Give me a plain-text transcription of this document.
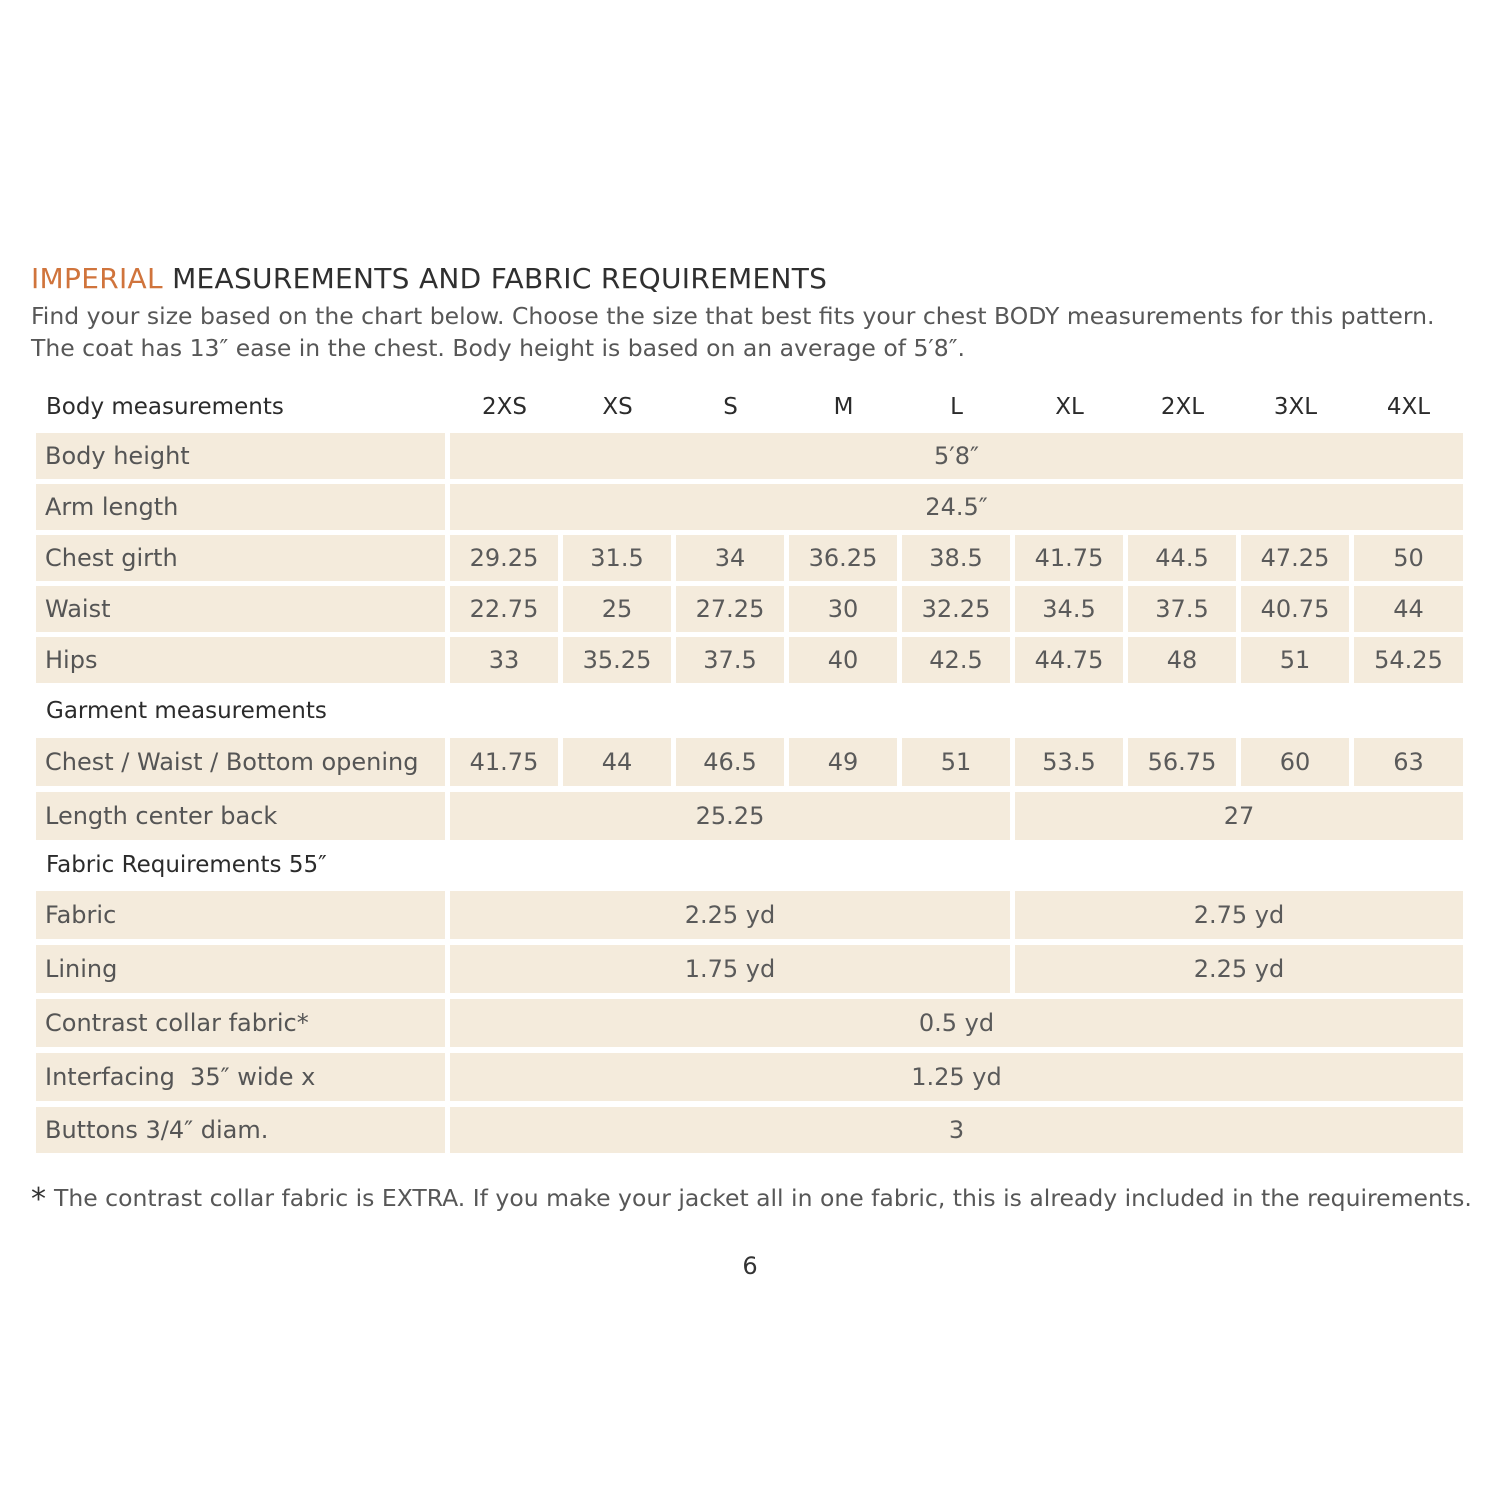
IMPERIAL MEASUREMENTS AND FABRIC REQUIREMENTS

Find your size based on the chart below. Choose the size that best fits your chest BODY measurements for this pattern.

The coat has 13″ ease in the chest. Body height is based on an average of 5′8″.

Body measurements	2XS	XS	S	M	L	XL	2XL	3XL	4XL
Body height	5′8″
Arm length	24.5″
Chest girth	29.25	31.5	34	36.25	38.5	41.75	44.5	47.25	50
Waist	22.75	25	27.25	30	32.25	34.5	37.5	40.75	44
Hips	33	35.25	37.5	40	42.5	44.75	48	51	54.25
Garment measurements
Chest / Waist / Bottom opening	41.75	44	46.5	49	51	53.5	56.75	60	63
Length center back	25.25	27
Fabric Requirements 55″
Fabric	2.25 yd	2.75 yd
Lining	1.75 yd	2.25 yd
Contrast collar fabric*	0.5 yd
Interfacing  35″ wide x	1.25 yd
Buttons 3/4″ diam.	3
* The contrast collar fabric is EXTRA. If you make your jacket all in one fabric, this is already included in the requirements.
6
